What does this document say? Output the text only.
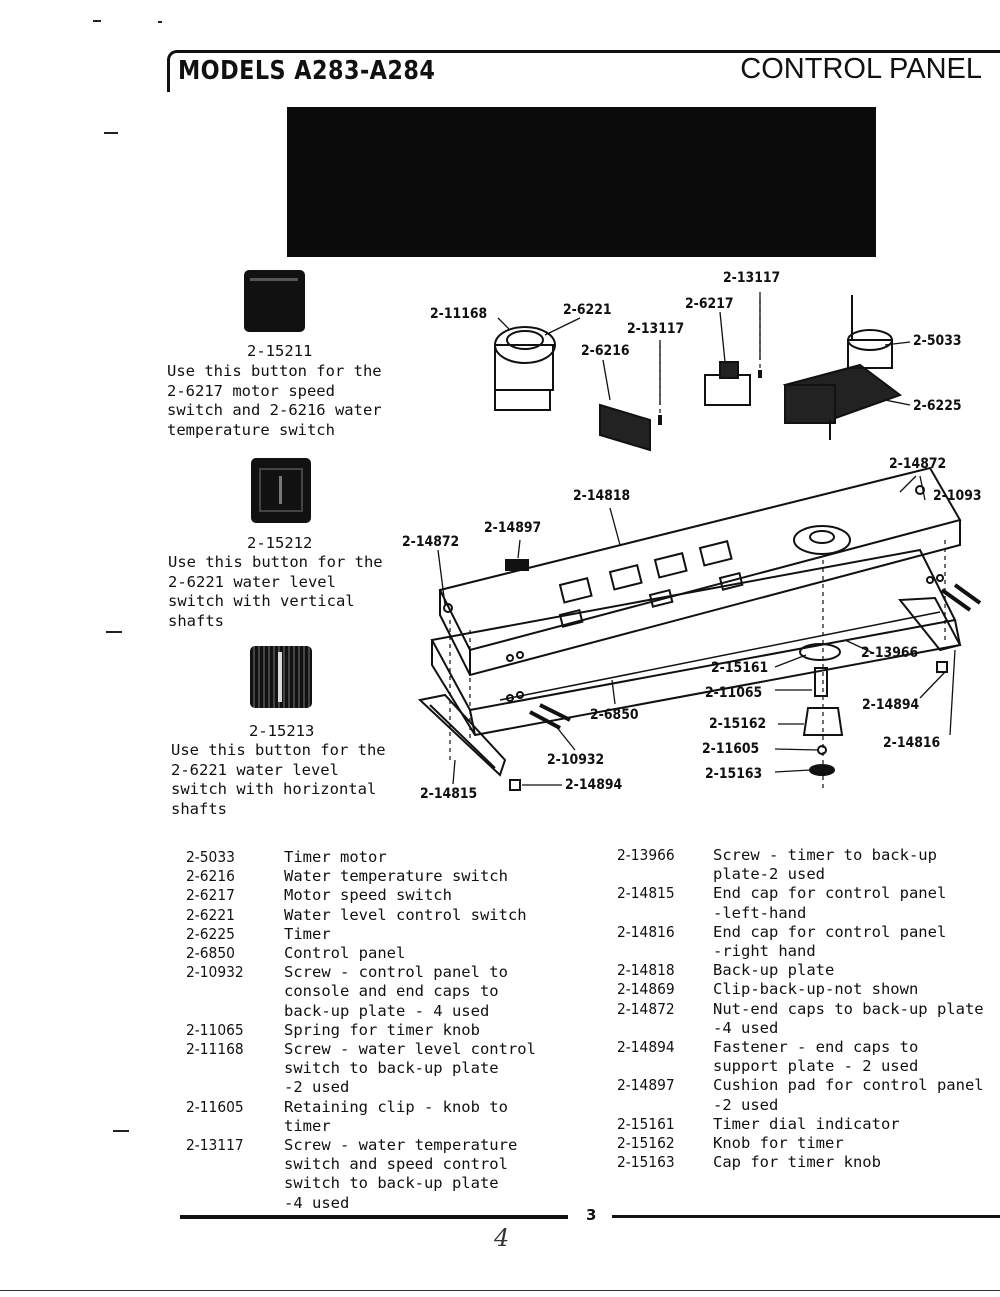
MODELS A283-A284	CONTROL PANEL
2-15211
Use this button for the
2-6217 motor speed
switch and 2-6216 water
temperature switch
2-15212
Use this button for the
2-6221 water level
switch with vertical
shafts
2-15213
Use this button for the
2-6221 water level
switch with horizontal
shafts
2-11168	2-6221
2-13117
2-6216
2-6217
2-13117
2-5033
2-6225
2-14872
2-1093
2-14818
2-14897
2-14872
2-13966
2-15161
2-11065
2-14894
2-15162
2-6850
2-14816
2-11605
2-10932
2-15163
2-14894
2-14815
2-5033	Timer motor
2-6216	Water temperature switch
2-6217	Motor speed switch
2-6221	Water level control switch
2-6225	Timer
2-6850	Control panel
2-10932	Screw - control panel to
console and end caps to
back-up plate - 4 used
2-11065	Spring for timer knob
2-11168	Screw - water level control
switch to back-up plate
-2 used
2-11605	Retaining clip - knob to
timer
2-13117	Screw - water temperature
switch and speed control
switch to back-up plate
-4 used
2-13966	Screw - timer to back-up
plate-2 used
2-14815	End cap for control panel
-left-hand
2-14816	End cap for control panel
-right hand
2-14818	Back-up plate
2-14869	Clip-back-up-not shown
2-14872	Nut-end caps to back-up plate
-4 used
2-14894	Fastener - end caps to
support plate - 2 used
2-14897	Cushion pad for control panel
-2 used
2-15161	Timer dial indicator
2-15162	Knob for timer
2-15163	Cap for timer knob
3
4
